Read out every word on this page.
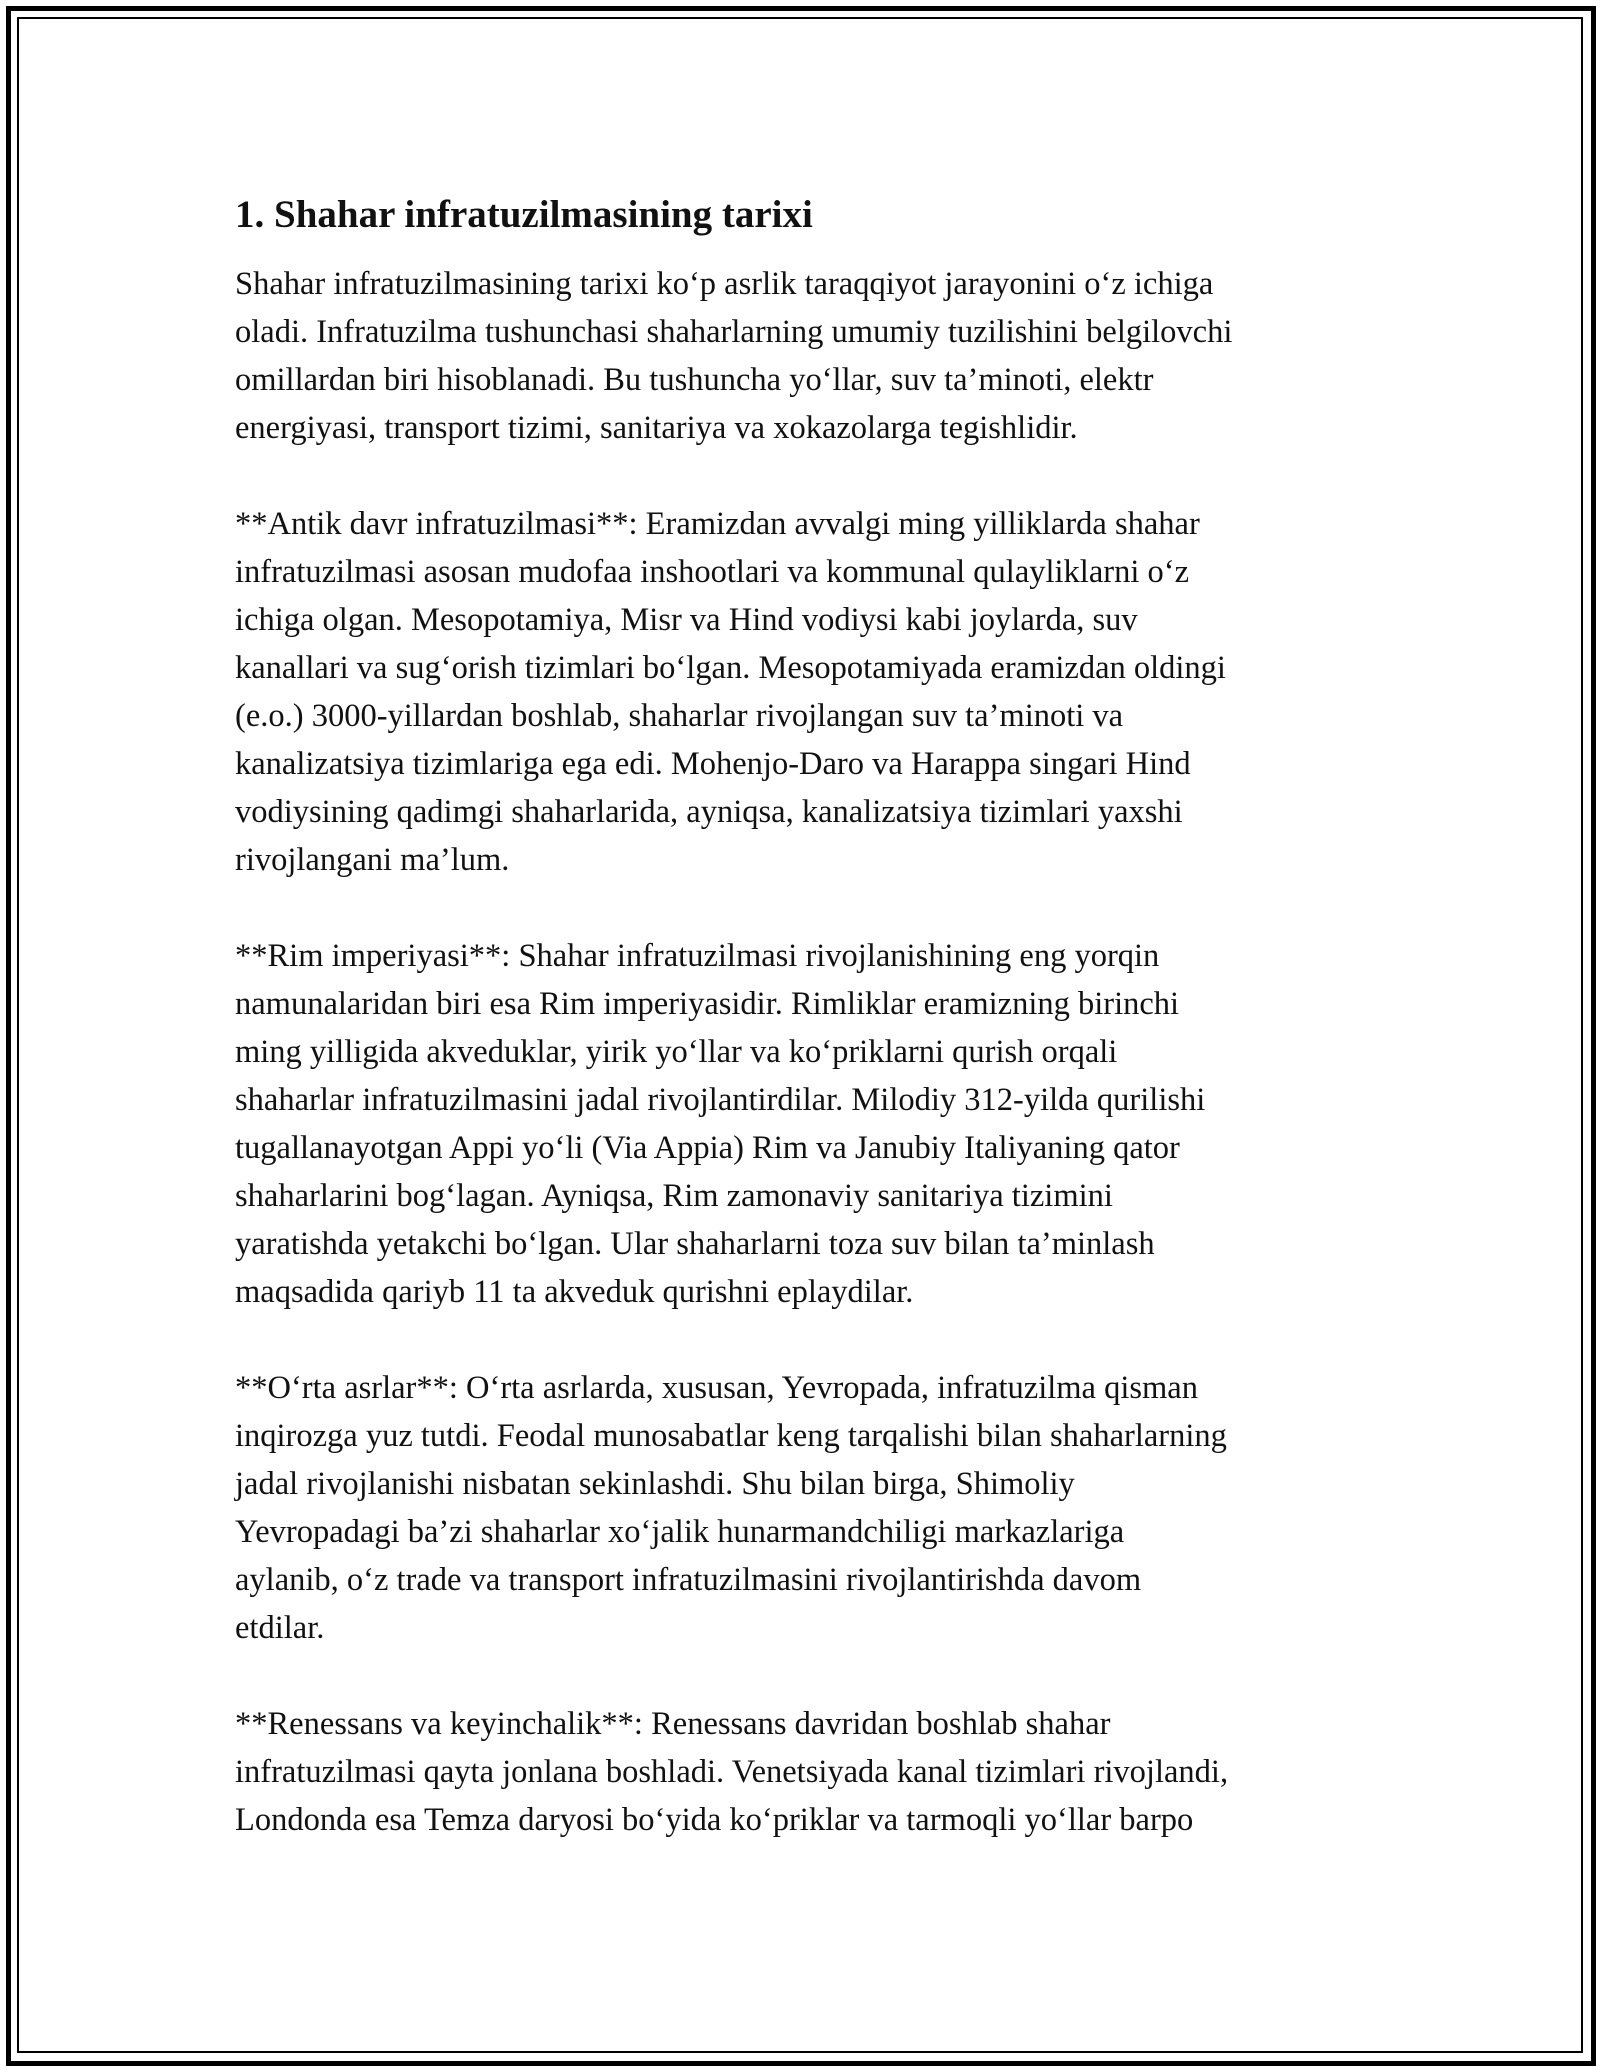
1. Shahar infratuzilmasining tarixi
Shahar infratuzilmasining tarixi ko‘p asrlik taraqqiyot jarayonini o‘z ichiga
oladi. Infratuzilma tushunchasi shaharlarning umumiy tuzilishini belgilovchi
omillardan biri hisoblanadi. Bu tushuncha yo‘llar, suv ta’minoti, elektr
energiyasi, transport tizimi, sanitariya va xokazolarga tegishlidir.
**Antik davr infratuzilmasi**: Eramizdan avvalgi ming yilliklarda shahar
infratuzilmasi asosan mudofaa inshootlari va kommunal qulayliklarni o‘z
ichiga olgan. Mesopotamiya, Misr va Hind vodiysi kabi joylarda, suv
kanallari va sug‘orish tizimlari bo‘lgan. Mesopotamiyada eramizdan oldingi
(e.o.) 3000-yillardan boshlab, shaharlar rivojlangan suv ta’minoti va
kanalizatsiya tizimlariga ega edi. Mohenjo-Daro va Harappa singari Hind
vodiysining qadimgi shaharlarida, ayniqsa, kanalizatsiya tizimlari yaxshi
rivojlangani ma’lum.
**Rim imperiyasi**: Shahar infratuzilmasi rivojlanishining eng yorqin
namunalaridan biri esa Rim imperiyasidir. Rimliklar eramizning birinchi
ming yilligida akveduklar, yirik yo‘llar va ko‘priklarni qurish orqali
shaharlar infratuzilmasini jadal rivojlantirdilar. Milodiy 312-yilda qurilishi
tugallanayotgan Appi yo‘li (Via Appia) Rim va Janubiy Italiyaning qator
shaharlarini bog‘lagan. Ayniqsa, Rim zamonaviy sanitariya tizimini
yaratishda yetakchi bo‘lgan. Ular shaharlarni toza suv bilan ta’minlash
maqsadida qariyb 11 ta akveduk qurishni eplaydilar.
**O‘rta asrlar**: O‘rta asrlarda, xususan, Yevropada, infratuzilma qisman
inqirozga yuz tutdi. Feodal munosabatlar keng tarqalishi bilan shaharlarning
jadal rivojlanishi nisbatan sekinlashdi. Shu bilan birga, Shimoliy
Yevropadagi ba’zi shaharlar xo‘jalik hunarmandchiligi markazlariga
aylanib, o‘z trade va transport infratuzilmasini rivojlantirishda davom
etdilar.
**Renessans va keyinchalik**: Renessans davridan boshlab shahar
infratuzilmasi qayta jonlana boshladi. Venetsiyada kanal tizimlari rivojlandi,
Londonda esa Temza daryosi bo‘yida ko‘priklar va tarmoqli yo‘llar barpo
